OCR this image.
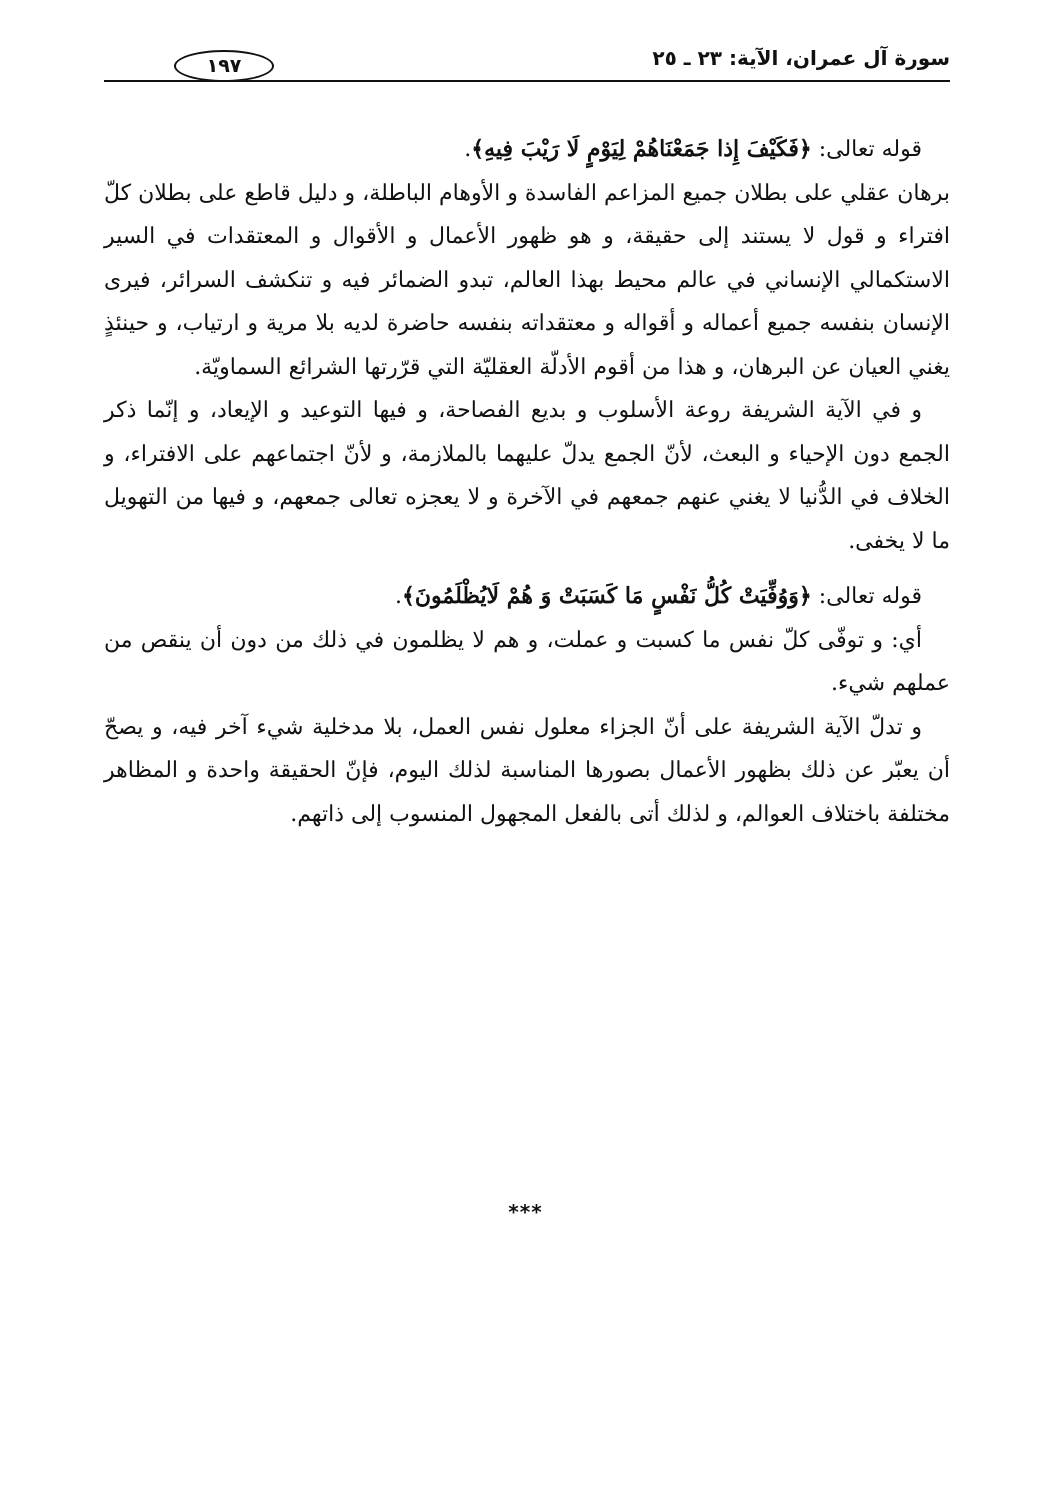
سورة آل عمران، الآية: ٢٣ ـ ٢٥
١٩٧

قوله تعالى: ﴿فَكَيْفَ إِذا جَمَعْنَاهُمْ لِيَوْمٍ لَا رَيْبَ فِيهِ﴾.

برهان عقلي على بطلان جميع المزاعم الفاسدة و الأوهام الباطلة، و دليل قاطع على بطلان كلّ افتراء و قول لا يستند إلى حقيقة، و هو ظهور الأعمال و الأقوال و المعتقدات في السير الاستكمالي الإنساني في عالم محيط بهذا العالم، تبدو الضمائر فيه و تنكشف السرائر، فيرى الإنسان بنفسه جميع أعماله و أقواله و معتقداته بنفسه حاضرة لديه بلا مرية و ارتياب، و حينئذٍ يغني العيان عن البرهان، و هذا من أقوم الأدلّة العقليّة التي قرّرتها الشرائع السماويّة.

و في الآية الشريفة روعة الأسلوب و بديع الفصاحة، و فيها التوعيد و الإيعاد، و إنّما ذكر الجمع دون الإحياء و البعث، لأنّ الجمع يدلّ عليهما بالملازمة، و لأنّ اجتماعهم على الافتراء، و الخلاف في الدُّنيا لا يغني عنهم جمعهم في الآخرة و لا يعجزه تعالى جمعهم، و فيها من التهويل ما لا يخفى.

قوله تعالى: ﴿وَوُفِّيَتْ كُلُّ نَفْسٍ مَا كَسَبَتْ وَ هُمْ لَايُظْلَمُونَ﴾.

أي: و توفّى كلّ نفس ما كسبت و عملت، و هم لا يظلمون في ذلك من دون أن ينقص من عملهم شيء.

و تدلّ الآية الشريفة على أنّ الجزاء معلول نفس العمل، بلا مدخلية شيء آخر فيه، و يصحّ أن يعبّر عن ذلك بظهور الأعمال بصورها المناسبة لذلك اليوم، فإنّ الحقيقة واحدة و المظاهر مختلفة باختلاف العوالم، و لذلك أتى بالفعل المجهول المنسوب إلى ذاتهم.

***
